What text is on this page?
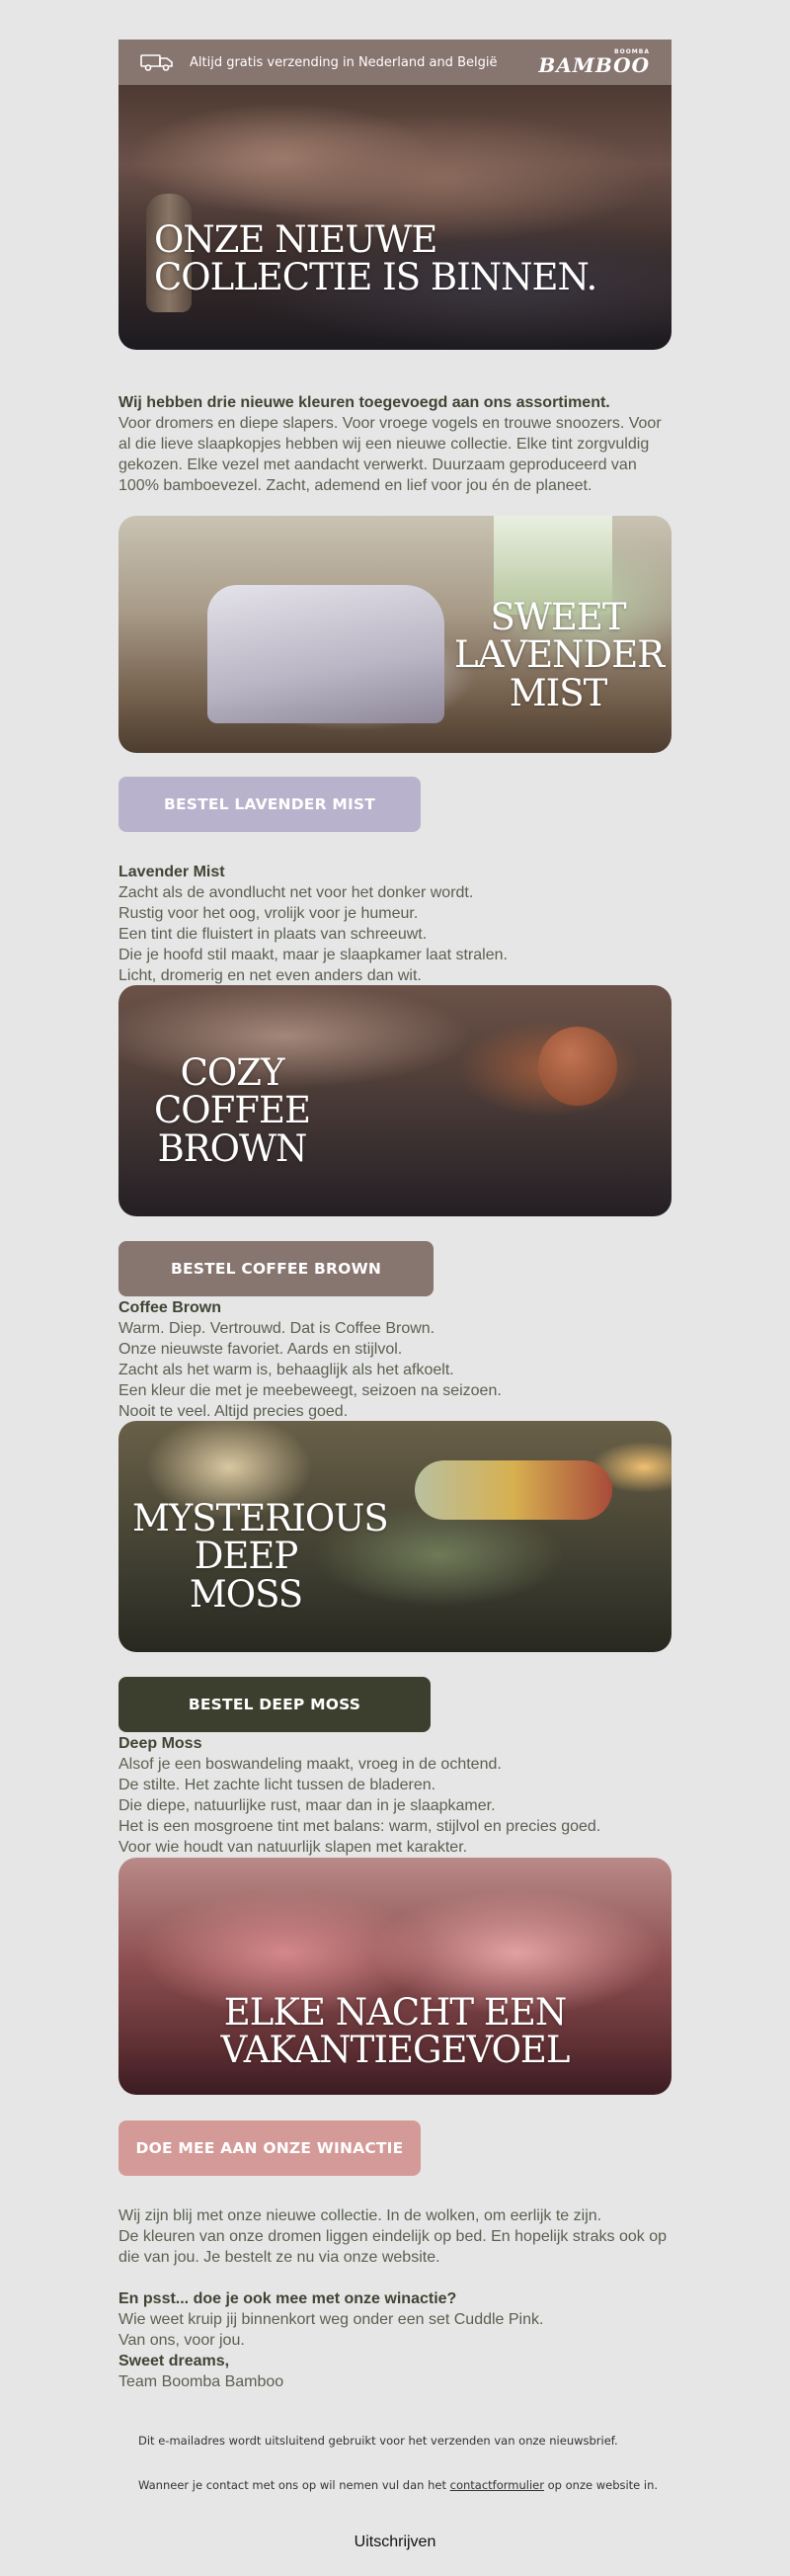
Altijd gratis verzending in Nederland and België
BOOMBA
BAMBOO
ONZE NIEUWE
COLLECTIE IS BINNEN.
Wij hebben drie nieuwe kleuren toegevoegd aan ons assortiment.
Voor dromers en diepe slapers. Voor vroege vogels en trouwe snoozers. Voor al die lieve slaapkopjes hebben wij een nieuwe collectie. Elke tint zorgvuldig gekozen. Elke vezel met aandacht verwerkt. Duurzaam geproduceerd van 100% bamboevezel. Zacht, ademend en lief voor jou én de planeet.
SWEET
LAVENDER
MIST
BESTEL LAVENDER MIST
Lavender Mist
Zacht als de avondlucht net voor het donker wordt.
Rustig voor het oog, vrolijk voor je humeur.
Een tint die fluistert in plaats van schreeuwt.
Die je hoofd stil maakt, maar je slaapkamer laat stralen.
Licht, dromerig en net even anders dan wit.
COZY
COFFEE
BROWN
BESTEL COFFEE BROWN
Coffee Brown
Warm. Diep. Vertrouwd. Dat is Coffee Brown.
Onze nieuwste favoriet. Aards en stijlvol.
Zacht als het warm is, behaaglijk als het afkoelt.
Een kleur die met je meebeweegt, seizoen na seizoen.
Nooit te veel. Altijd precies goed.
MYSTERIOUS
DEEP
MOSS
BESTEL DEEP MOSS
Deep Moss
Alsof je een boswandeling maakt, vroeg in de ochtend.
De stilte. Het zachte licht tussen de bladeren.
Die diepe, natuurlijke rust, maar dan in je slaapkamer.
Het is een mosgroene tint met balans: warm, stijlvol en precies goed.
Voor wie houdt van natuurlijk slapen met karakter.
ELKE NACHT EEN
VAKANTIEGEVOEL
DOE MEE AAN ONZE WINACTIE
Wij zijn blij met onze nieuwe collectie. In de wolken, om eerlijk te zijn.
De kleuren van onze dromen liggen eindelijk op bed. En hopelijk straks ook op die van jou. Je bestelt ze nu via onze website.
En psst... doe je ook mee met onze winactie?
Wie weet kruip jij binnenkort weg onder een set Cuddle Pink.
Van ons, voor jou.
Sweet dreams,
Team Boomba Bamboo
Dit e-mailadres wordt uitsluitend gebruikt voor het verzenden van onze nieuwsbrief.
Wanneer je contact met ons op wil nemen vul dan het contactformulier op onze website in.
Uitschrijven
